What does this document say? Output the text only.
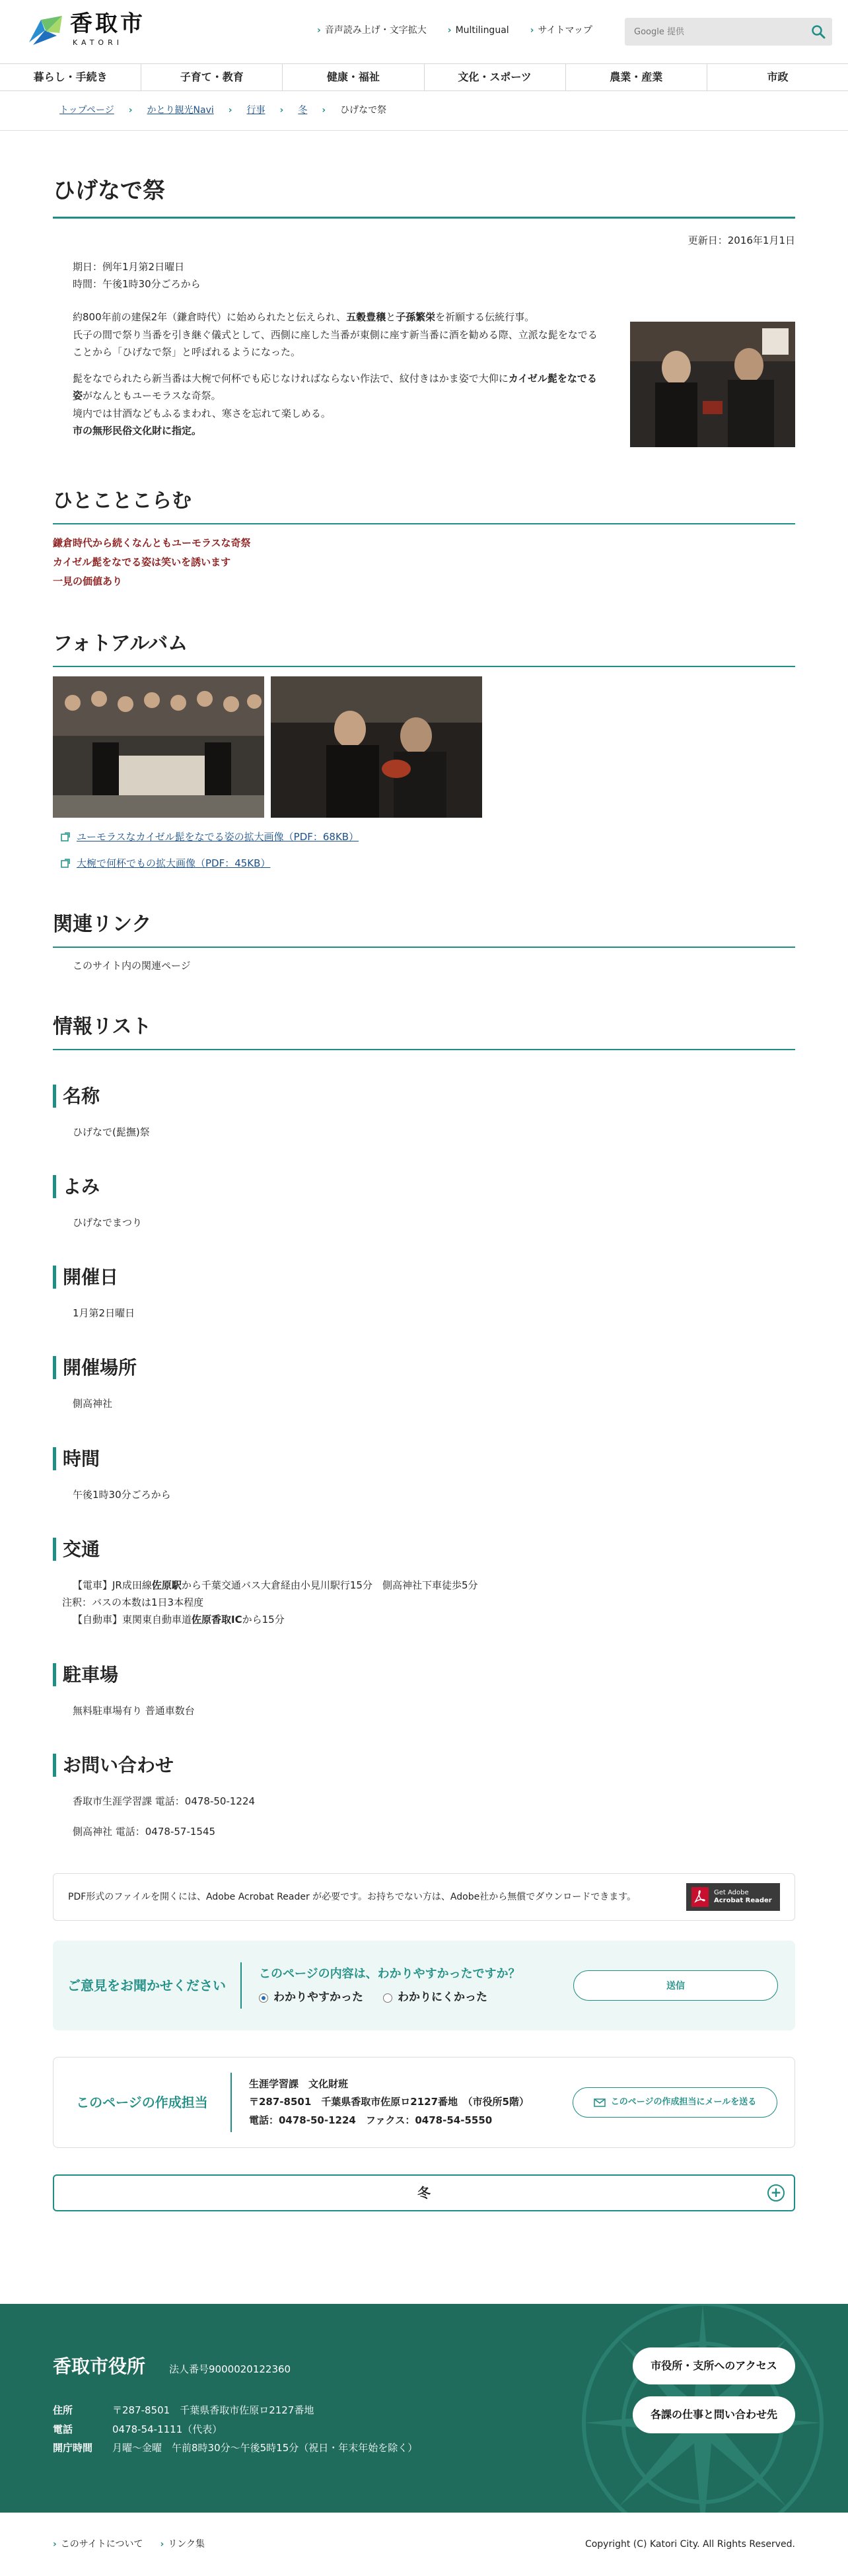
香取市
KATORI
› 音声読み上げ・文字拡大 › Multilingual › サイトマップ
Google 提供
暮らし・手続き	子育て・教育	健康・福祉	文化・スポーツ	農業・産業	市政
トップページ › かとり観光Navi › 行事 › 冬 › ひげなで祭
ひげなで祭
更新日：2016年1月1日
期日：例年1月第2日曜日
時間：午後1時30分ごろから

約800年前の建保2年（鎌倉時代）に始められたと伝えられ、五穀豊穣と子孫繁栄を祈願する伝統行事。
氏子の間で祭り当番を引き継ぐ儀式として、西側に座した当番が東側に座す新当番に酒を勧める際、立派な髭をなでることから「ひげなで祭」と呼ばれるようになった。

髭をなでられたら新当番は大椀で何杯でも応じなければならない作法で、紋付きはかま姿で大仰にカイゼル髭をなでる姿がなんともユーモラスな奇祭。
境内では甘酒などもふるまわれ、寒さを忘れて楽しめる。
市の無形民俗文化財に指定。

ひとことこらむ
鎌倉時代から続くなんともユーモラスな奇祭
カイゼル髭をなでる姿は笑いを誘います
一見の価値あり
フォトアルバム
ユーモラスなカイゼル髭をなでる姿の拡大画像（PDF：68KB）
大椀で何杯でもの拡大画像（PDF：45KB）
関連リンク
このサイト内の関連ページ
情報リスト
名称
ひげなで(髭撫)祭
よみ
ひげなでまつり
開催日
1月第2日曜日
開催場所
側高神社
時間
午後1時30分ごろから
交通
【電車】JR成田線佐原駅から千葉交通バス大倉経由小見川駅行15分　側高神社下車徒歩5分
注釈：バスの本数は1日3本程度
【自動車】東関東自動車道佐原香取ICから15分
駐車場
無料駐車場有り 普通車数台
お問い合わせ
香取市生涯学習課 電話：0478-50-1224
側高神社 電話：0478-57-1545
PDF形式のファイルを開くには、Adobe Acrobat Reader が必要です。お持ちでない方は、Adobe社から無償でダウンロードできます。	Get Adobe
Acrobat Reader
ご意見をお聞かせください
このページの内容は、わかりやすかったですか？
わかりやすかった	わかりにくかった
送信
このページの作成担当
生涯学習課　文化財班
〒287-8501　千葉県香取市佐原ロ2127番地　（市役所5階）
電話：0478-50-1224　ファクス：0478-54-5550
このページの作成担当にメールを送る
冬	+
香取市役所 法人番号9000020122360
住所	〒287-8501　千葉県香取市佐原ロ2127番地
電話	0478-54-1111（代表）
開庁時間	月曜～金曜　午前8時30分～午後5時15分（祝日・年末年始を除く）
市役所・支所へのアクセス
各課の仕事と問い合わせ先
› このサイトについて › リンク集	Copyright (C) Katori City. All Rights Reserved.
